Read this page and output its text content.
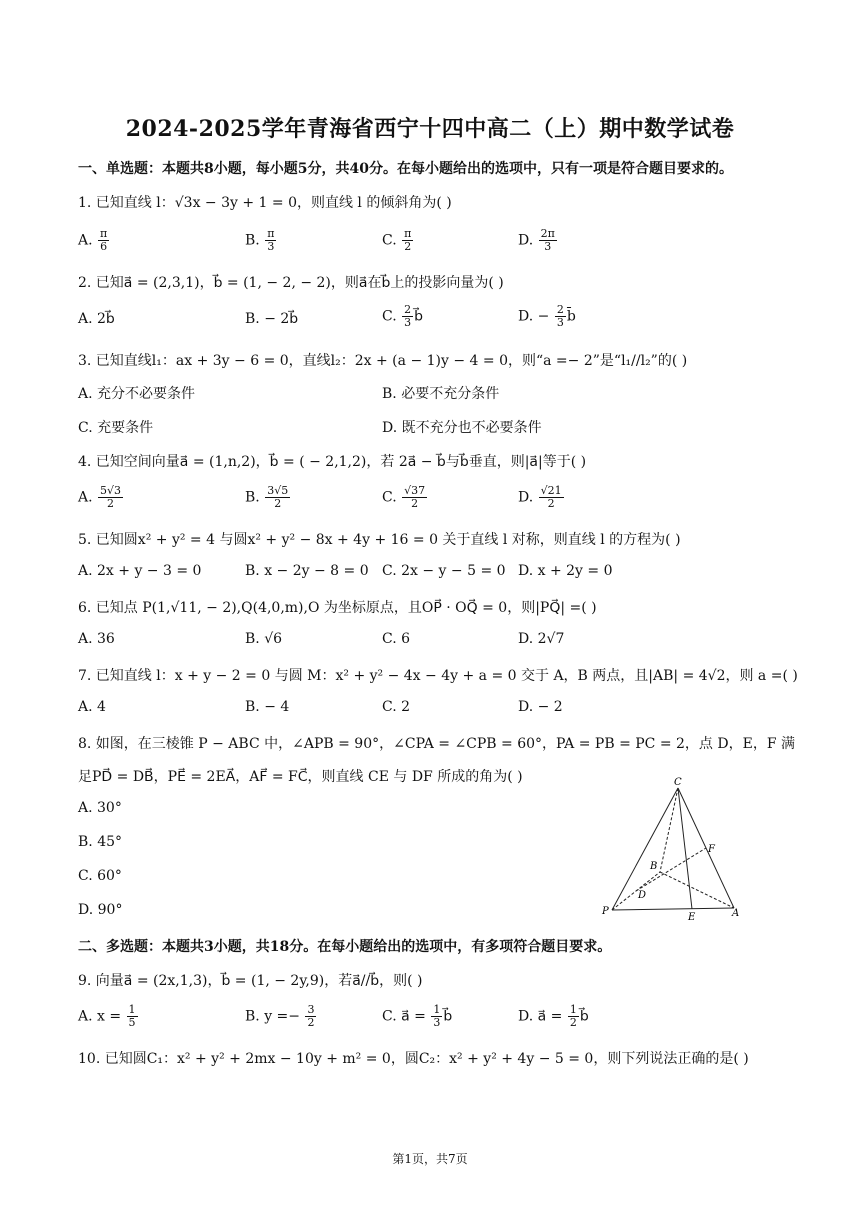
2024-2025学年青海省西宁十四中高二（上）期中数学试卷
一、单选题：本题共8小题，每小题5分，共40分。在每小题给出的选项中，只有一项是符合题目要求的。
1. 已知直线 l：√3x − 3y + 1 = 0，则直线 l 的倾斜角为( )
A. $\frac{\pi}{6}$	B. $\frac{\pi}{3}$	C. $\frac{\pi}{2}$	D. $\frac{2\pi}{3}$
2. 已知a⃗ = (2,3,1)，b⃗ = (1, − 2, − 2)，则a⃗在b⃗上的投影向量为( )
A. 2b⃗	B. − 2b⃗	C. $\frac{2}{3}$ b⃗	D. − $\frac{2}{3}$ b̄
3. 已知直线l₁：ax + 3y − 6 = 0，直线l₂：2x + (a − 1)y − 4 = 0，则“a =− 2”是“l₁//l₂”的( )
A. 充分不必要条件	B. 必要不充分条件
C. 充要条件	D. 既不充分也不必要条件
4. 已知空间向量a⃗ = (1,n,2)，b⃗ = ( − 2,1,2)，若 2a⃗ − b⃗与b⃗垂直，则|a⃗|等于( )
A. $\frac{5√3}{2}$	B. $\frac{3√5}{2}$	C. $\frac{√37}{2}$	D. $\frac{√21}{2}$
5. 已知圆x² + y² = 4 与圆x² + y² − 8x + 4y + 16 = 0 关于直线 l 对称，则直线 l 的方程为( )
A. 2x + y − 3 = 0	B. x − 2y − 8 = 0 C. 2x − y − 5 = 0 D. x + 2y = 0
6. 已知点 P(1,√11, − 2),Q(4,0,m),O 为坐标原点，且OP⃗ · OQ⃗ = 0，则|PQ⃗| =( )
A. 36	B. √6	C. 6	D. 2√7
7. 已知直线 l：x + y − 2 = 0 与圆 M：x² + y² − 4x − 4y + a = 0 交于 A，B 两点，且|AB| = 4√2，则 a =( )
A. 4	B. − 4	C. 2	D. − 2
8. 如图，在三棱锥 P − ABC 中，∠APB = 90°，∠CPA = ∠CPB = 60°，PA = PB = PC = 2，点 D，E，F 满
足PD⃗ = DB⃗，PE⃗ = 2EA⃗，AF⃗ = FC⃗，则直线 CE 与 DF 所成的角为( )
A. 30°
B. 45°
C. 60°
D. 90°
C
B
F
D
P
E	A
二、多选题：本题共3小题，共18分。在每小题给出的选项中，有多项符合题目要求。
9. 向量a⃗ = (2x,1,3)，b⃗ = (1, − 2y,9)，若a⃗//b⃗，则( )
A. $x = \frac{1}{5}$	B. $y =- \frac{3}{2}$	C. a⃗ = $\frac{1}{3}$ b⃗	D. a⃗ = $\frac{1}{2}$ b⃗
10. 已知圆C₁：x² + y² + 2mx − 10y + m² = 0，圆C₂：x² + y² + 4y − 5 = 0，则下列说法正确的是( )
第1页，共7页
